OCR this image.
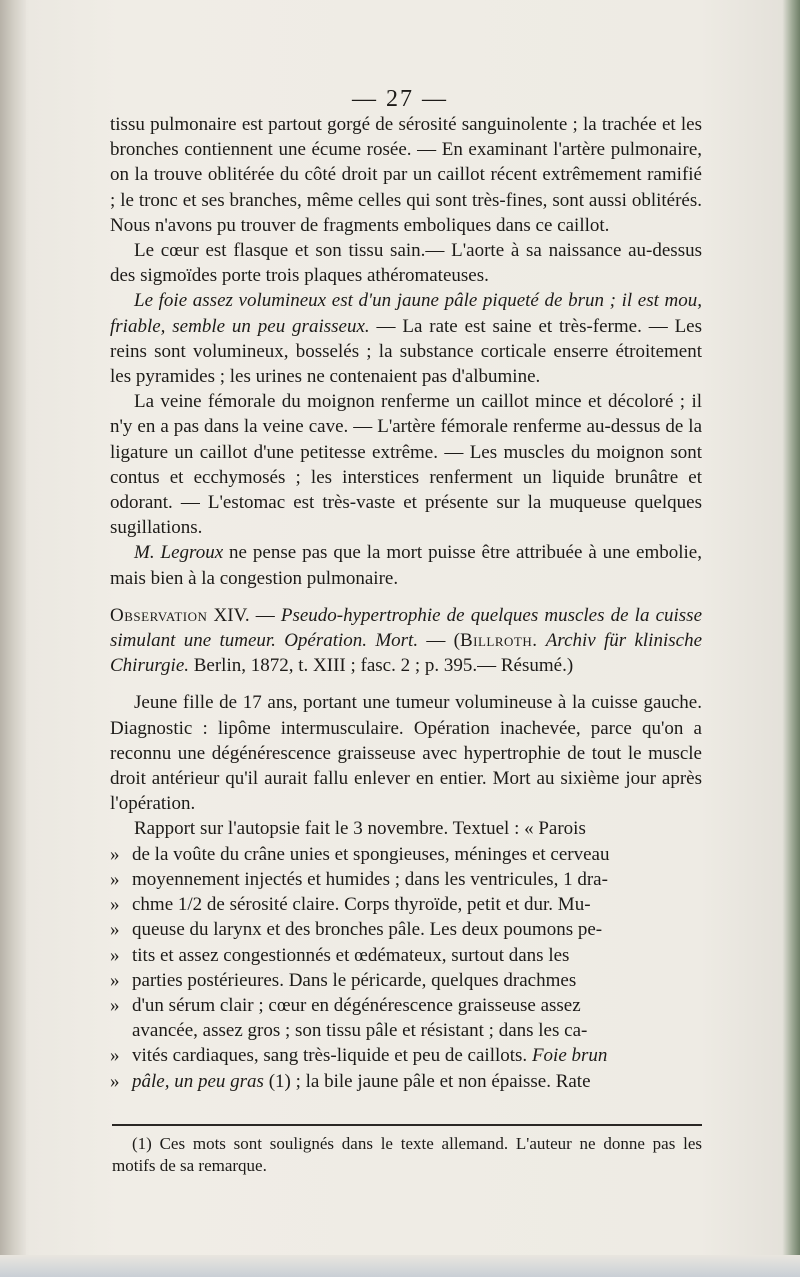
— 27 —

tissu pulmonaire est partout gorgé de sérosité sanguinolente ; la trachée et les bronches contiennent une écume rosée. — En examinant l'artère pulmonaire, on la trouve oblitérée du côté droit par un caillot récent extrêmement ramifié ; le tronc et ses branches, même celles qui sont très-fines, sont aussi oblitérés. Nous n'avons pu trouver de fragments emboliques dans ce caillot.

Le cœur est flasque et son tissu sain.— L'aorte à sa naissance au-dessus des sigmoïdes porte trois plaques athéromateuses.

Le foie assez volumineux est d'un jaune pâle piqueté de brun ; il est mou, friable, semble un peu graisseux. — La rate est saine et très-ferme. — Les reins sont volumineux, bosselés ; la substance corticale enserre étroitement les pyramides ; les urines ne contenaient pas d'albumine.

La veine fémorale du moignon renferme un caillot mince et décoloré ; il n'y en a pas dans la veine cave. — L'artère fémorale renferme au-dessus de la ligature un caillot d'une petitesse extrême. — Les muscles du moignon sont contus et ecchymosés ; les interstices renferment un liquide brunâtre et odorant. — L'estomac est très-vaste et présente sur la muqueuse quelques sugillations.

M. Legroux ne pense pas que la mort puisse être attribuée à une embolie, mais bien à la congestion pulmonaire.

Observation XIV. — Pseudo-hypertrophie de quelques muscles de la cuisse simulant une tumeur. Opération. Mort. — (Billroth. Archiv für klinische Chirurgie. Berlin, 1872, t. XIII ; fasc. 2 ; p. 395.— Résumé.)

Jeune fille de 17 ans, portant une tumeur volumineuse à la cuisse gauche. Diagnostic : lipôme intermusculaire. Opération inachevée, parce qu'on a reconnu une dégénérescence graisseuse avec hypertrophie de tout le muscle droit antérieur qu'il aurait fallu enlever en entier. Mort au sixième jour après l'opération.

Rapport sur l'autopsie fait le 3 novembre. Textuel : « Parois

» de la voûte du crâne unies et spongieuses, méninges et cerveau

» moyennement injectés et humides ; dans les ventricules, 1 dra-

» chme 1/2 de sérosité claire. Corps thyroïde, petit et dur. Mu-

» queuse du larynx et des bronches pâle. Les deux poumons pe-

» tits et assez congestionnés et œdémateux, surtout dans les

» parties postérieures. Dans le péricarde, quelques drachmes

» d'un sérum clair ; cœur en dégénérescence graisseuse assez

avancée, assez gros ; son tissu pâle et résistant ; dans les ca-

» vités cardiaques, sang très-liquide et peu de caillots. Foie brun

» pâle, un peu gras (1) ; la bile jaune pâle et non épaisse. Rate

(1) Ces mots sont soulignés dans le texte allemand. L'auteur ne donne pas les motifs de sa remarque.
